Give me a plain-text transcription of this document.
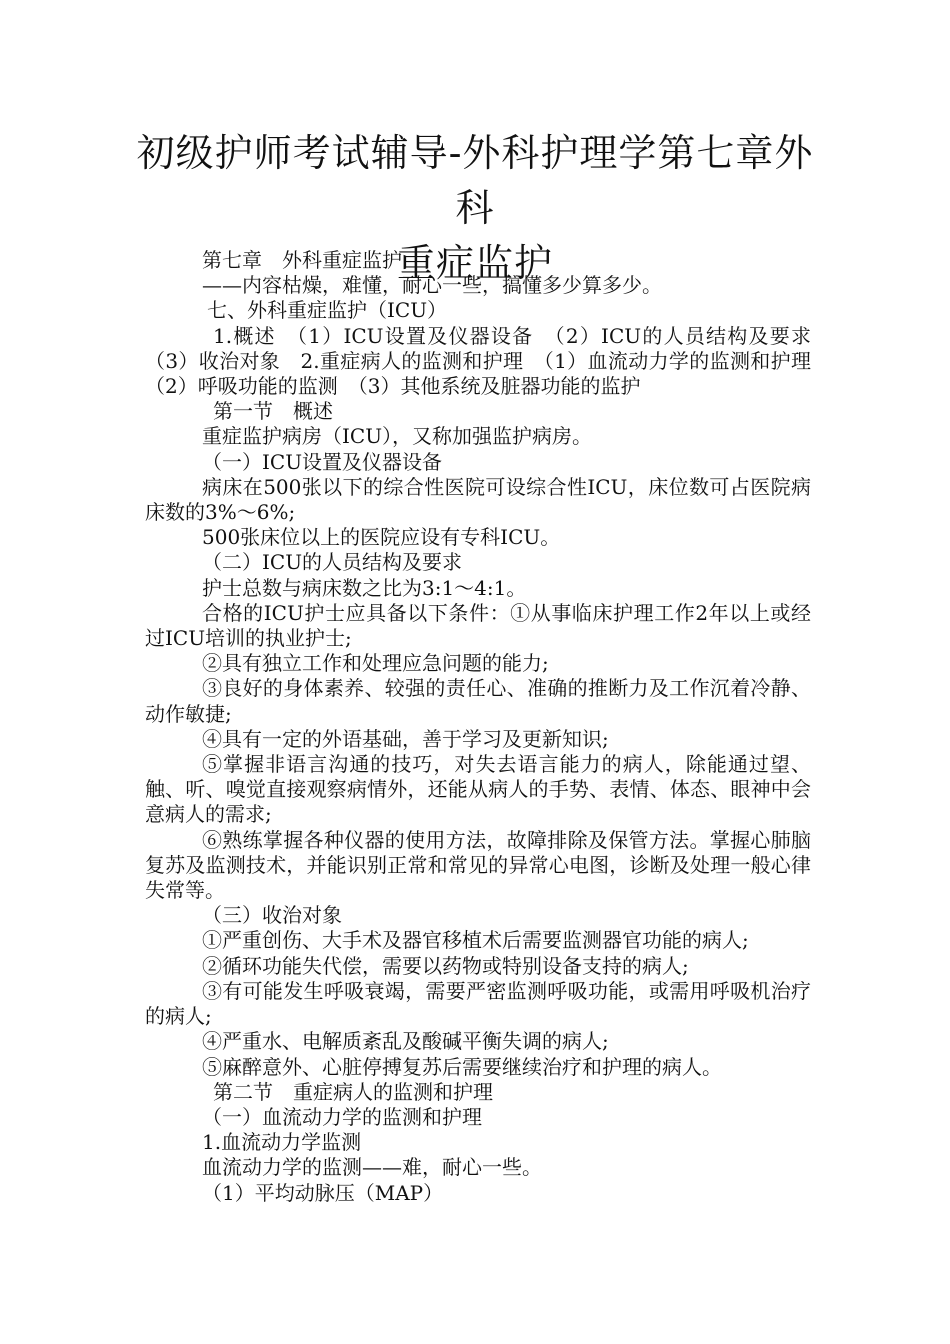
初级护师考试辅导-外科护理学第七章外科
重症监护

第七章　外科重症监护

——内容枯燥，难懂，耐心一些，搞懂多少算多少。

七、外科重症监护（ICU）

1.概述　（1）ICU设置及仪器设备　（2）ICU的人员结构及要求　（3）收治对象　2.重症病人的监测和护理　（1）血流动力学的监测和护理　（2）呼吸功能的监测　（3）其他系统及脏器功能的监护

第一节　概述

重症监护病房（ICU），又称加强监护病房。

（一）ICU设置及仪器设备

病床在500张以下的综合性医院可设综合性ICU，床位数可占医院病床数的3%～6%;

500张床位以上的医院应设有专科ICU。

（二）ICU的人员结构及要求

护士总数与病床数之比为3:1～4:1。

合格的ICU护士应具备以下条件：①从事临床护理工作2年以上或经过ICU培训的执业护士;

②具有独立工作和处理应急问题的能力;

③良好的身体素养、较强的责任心、准确的推断力及工作沉着冷静、动作敏捷;

④具有一定的外语基础，善于学习及更新知识;

⑤掌握非语言沟通的技巧，对失去语言能力的病人，除能通过望、触、听、嗅觉直接观察病情外，还能从病人的手势、表情、体态、眼神中会意病人的需求;

⑥熟练掌握各种仪器的使用方法，故障排除及保管方法。掌握心肺脑复苏及监测技术，并能识别正常和常见的异常心电图，诊断及处理一般心律失常等。

（三）收治对象

①严重创伤、大手术及器官移植术后需要监测器官功能的病人;

②循环功能失代偿，需要以药物或特别设备支持的病人;

③有可能发生呼吸衰竭，需要严密监测呼吸功能，或需用呼吸机治疗的病人;

④严重水、电解质紊乱及酸碱平衡失调的病人;

⑤麻醉意外、心脏停搏复苏后需要继续治疗和护理的病人。

第二节　重症病人的监测和护理

（一）血流动力学的监测和护理

1.血流动力学监测

血流动力学的监测——难，耐心一些。

（1）平均动脉压（MAP）
